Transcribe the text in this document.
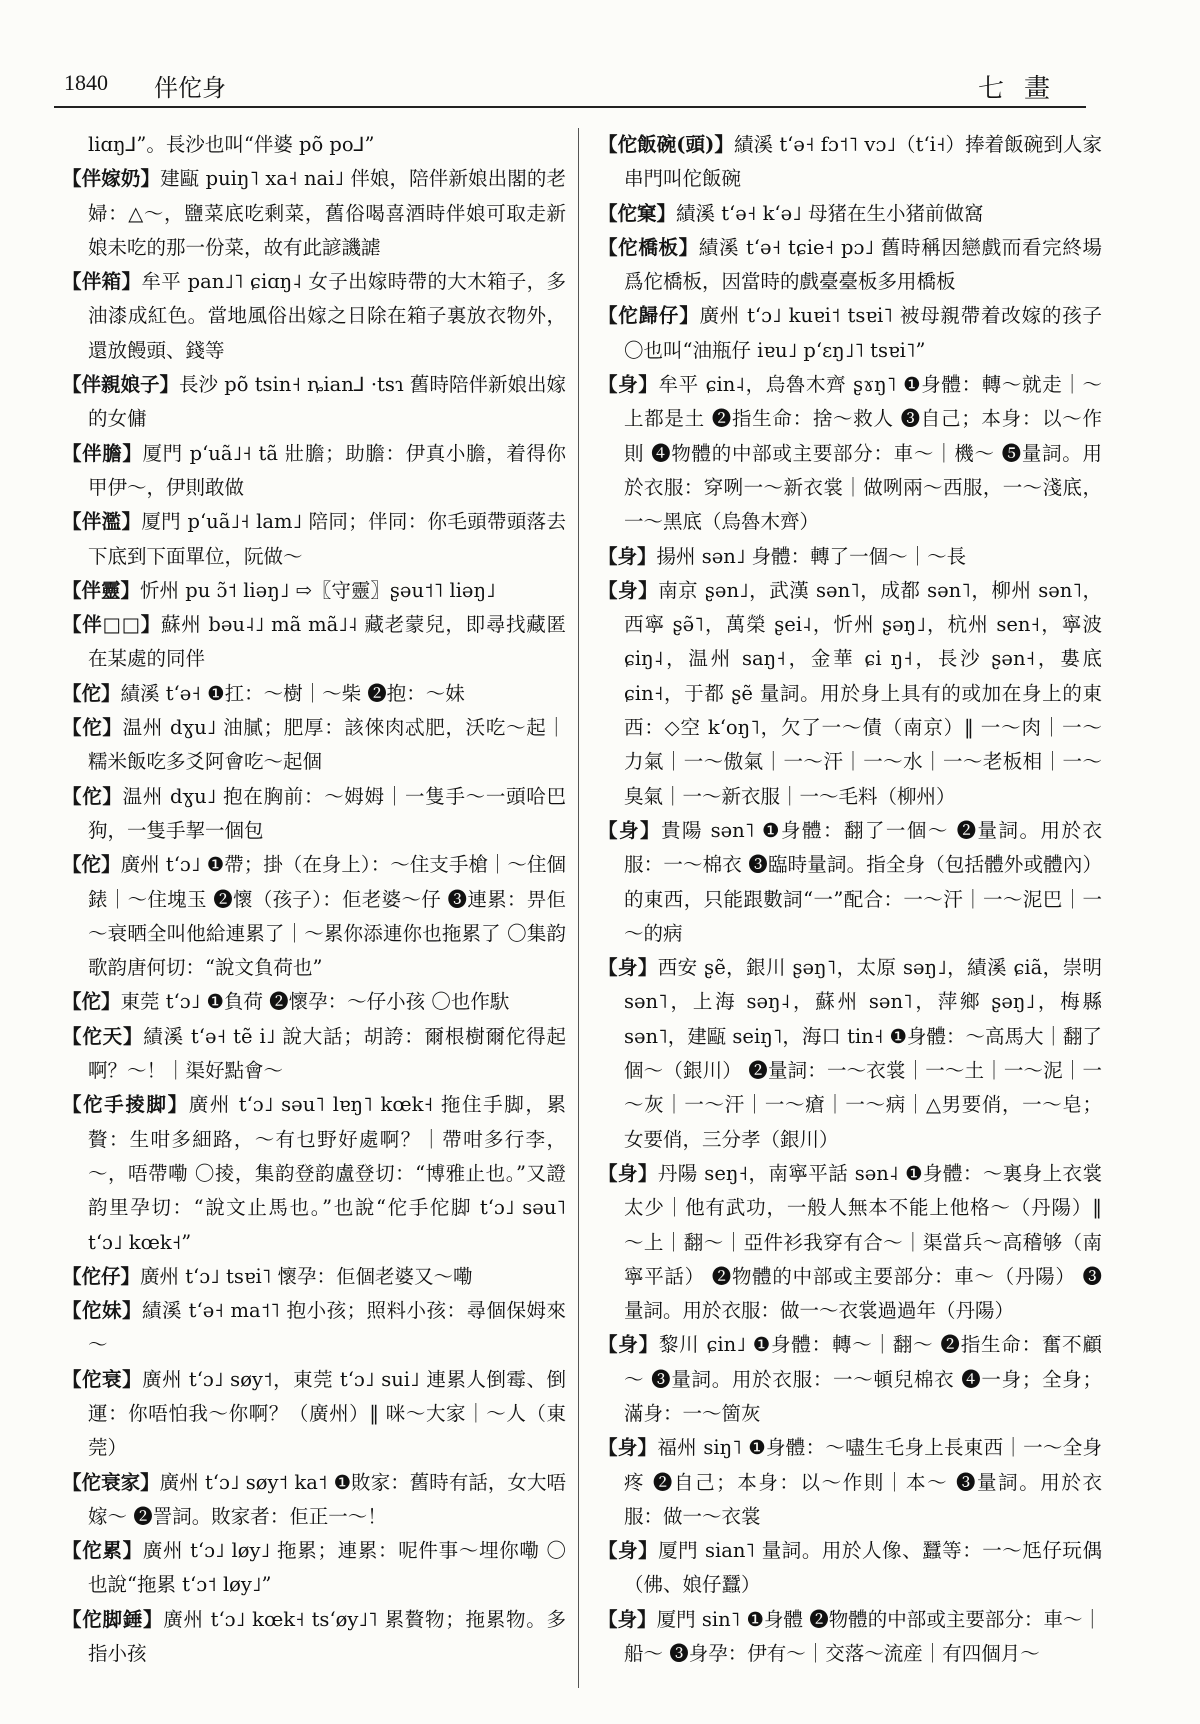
1840 伴佗身	七畫

liɑŋ⅃”。長沙也叫“伴婆 põ po⅃”

【伴嫁奶】建甌 puiŋ˥ xa˧ nai˩ 伴娘，陪伴新娘出閣的老婦：△～，鹽菜底吃剩菜，舊俗喝喜酒時伴娘可取走新娘未吃的那一份菜，故有此諺譏謔

【伴箱】牟平 pan˩˥ ɕiɑŋ˨ 女子出嫁時帶的大木箱子，多油漆成紅色。當地風俗出嫁之日除在箱子裏放衣物外，還放饅頭、錢等

【伴親娘子】長沙 põ tsin˧ ȵian⅃ ·tsɿ 舊時陪伴新娘出嫁的女傭

【伴膽】厦門 pʻuã˩˧ tã 壯膽；助膽：伊真小膽，着得你甲伊～，伊則敢做

【伴濫】厦門 pʻuã˩˧ lam˩ 陪同；伴同：你毛頭帶頭落去下底到下面單位，阮做～

【伴靈】忻州 pu ɔ̃˦ liəŋ˩ ⇨〖守靈〗ʂəu˦˥ liəŋ˩

【伴□□】蘇州 bəu˨˩ mã mã˩˨ 藏老蒙兒，即尋找藏匿在某處的同伴

【佗】績溪 tʻə˧ ❶扛：～樹｜～柴 ❷抱：～妹

【佗】温州 dɣu˩ 油膩；肥厚：該倈肉忒肥，沃吃～起｜糯米飯吃多爻阿會吃～起個

【佗】温州 dɣu˩ 抱在胸前：～姆姆｜一隻手～一頭哈巴狗，一隻手挈一個包

【佗】廣州 tʻɔ˩ ❶帶；掛（在身上）：～住支手槍｜～住個錶｜～住塊玉 ❷懷（孩子）：佢老婆～仔 ❸連累：畀佢～衰晒全叫他給連累了｜～累你添連你也拖累了 〇集韵歌韵唐何切：“說文負荷也”

【佗】東莞 tʻɔ˩ ❶負荷 ❷懷孕：～仔小孩 〇也作馱

【佗天】績溪 tʻə˧ tẽ i˩ 說大話；胡誇：爾根樹爾佗得起啊？～！｜渠好點會～

【佗手掕脚】廣州 tʻɔ˩ səu˥ lɐŋ˥ kœk˧ 拖住手脚，累贅：生咁多細路，～有乜野好處啊？｜帶咁多行李，～，唔帶嘞 〇掕，集韵登韵盧登切：“博雅止也。”又證韵里孕切：“說文止馬也。”也說“佗手佗脚 tʻɔ˩ səu˥ tʻɔ˩ kœk˧”

【佗仔】廣州 tʻɔ˩ tsɐi˥ 懷孕：佢個老婆又～嘞

【佗妹】績溪 tʻə˧ ma˦˥ 抱小孩；照料小孩：尋個保姆來～

【佗衰】廣州 tʻɔ˩ søy˦，東莞 tʻɔ˩ sui˩ 連累人倒霉、倒運：你唔怕我～你啊？（廣州）‖ 咪～大家｜～人（東莞）

【佗衰家】廣州 tʻɔ˩ søy˦ ka˦ ❶敗家：舊時有話，女大唔嫁～ ❷詈詞。敗家者：佢正一～！

【佗累】廣州 tʻɔ˩ løy˩ 拖累；連累：呢件事～埋你嘞 〇也說“拖累 tʻɔ˦ løy˩”

【佗脚錘】廣州 tʻɔ˩ kœk˧ tsʻøy˩˥ 累贅物；拖累物。多指小孩

【佗飯碗(頭)】績溪 tʻə˧ fɔ˦˥ vɔ˩（tʻi˧）捧着飯碗到人家串門叫佗飯碗

【佗窠】績溪 tʻə˧ kʻə˩ 母猪在生小猪前做窩

【佗橋板】績溪 tʻə˧ tɕie˧ pɔ˩ 舊時稱因戀戲而看完終場爲佗橋板，因當時的戲臺臺板多用橋板

【佗歸仔】廣州 tʻɔ˩ kuɐi˦ tsɐi˥ 被母親帶着改嫁的孩子 〇也叫“油瓶仔 iɐu˩ pʻɛŋ˩˥ tsɐi˥”

【身】牟平 ɕin˨，烏魯木齊 ʂɤŋ˥ ❶身體：轉～就走｜～上都是土 ❷指生命：捨～救人 ❸自己；本身：以～作則 ❹物體的中部或主要部分：車～｜機～ ❺量詞。用於衣服：穿咧一～新衣裳｜做咧兩～西服，一～淺底，一～黑底（烏魯木齊）

【身】揚州 sən˩ 身體：轉了一個～｜～長

【身】南京 ʂən˩，武漢 sən˥，成都 sən˥，柳州 sən˥，西寧 ʂə̃˥，萬榮 ʂei˨，忻州 ʂəŋ˩，杭州 sen˧，寧波 ɕiŋ˨，温州 saŋ˧，金華 ɕi ŋ˧，長沙 ʂən˧，婁底 ɕin˧，于都 ʂẽ 量詞。用於身上具有的或加在身上的東西：◇空 kʻoŋ˥，欠了一～債（南京）‖ 一～肉｜一～力氣｜一～傲氣｜一～汗｜一～水｜一～老板相｜一～臭氣｜一～新衣服｜一～毛料（柳州）

【身】貴陽 sən˥ ❶身體：翻了一個～ ❷量詞。用於衣服：一～棉衣 ❸臨時量詞。指全身（包括體外或體內）的東西，只能跟數詞“一”配合：一～汗｜一～泥巴｜一～的病

【身】西安 ʂẽ，銀川 ʂəŋ˥，太原 səŋ˩，績溪 ɕiã，崇明 sən˥，上海 səŋ˨，蘇州 sən˥，萍鄉 ʂəŋ˩，梅縣 sən˥，建甌 seiŋ˥，海口 tin˧ ❶身體：～高馬大｜翻了個～（銀川） ❷量詞：一～衣裳｜一～土｜一～泥｜一～灰｜一～汗｜一～瘡｜一～病｜△男要俏，一～皂；女要俏，三分孝（銀川）

【身】丹陽 seŋ˧，南寧平話 sən˨ ❶身體：～裏身上衣裳太少｜他有武功，一般人無本不能上他格～（丹陽）‖ ～上｜翻～｜亞件衫我穿有合～｜渠當兵～高稽够（南寧平話） ❷物體的中部或主要部分：車～（丹陽） ❸量詞。用於衣服：做一～衣裳過過年（丹陽）

【身】黎川 ɕin˩ ❶身體：轉～｜翻～ ❷指生命：奮不顧～ ❸量詞。用於衣服：一～頓兒棉衣 ❹一身；全身；滿身：一～箇灰

【身】福州 siŋ˥ ❶身體：～嚍生乇身上長東西｜一～全身疼 ❷自己；本身：以～作則｜本～ ❸量詞。用於衣服：做一～衣裳

【身】厦門 sian˥ 量詞。用於人像、蠶等：一～尪仔玩偶（佛、娘仔蠶）

【身】厦門 sin˥ ❶身體 ❷物體的中部或主要部分：車～｜船～ ❸身孕：伊有～｜交落～流産｜有四個月～
